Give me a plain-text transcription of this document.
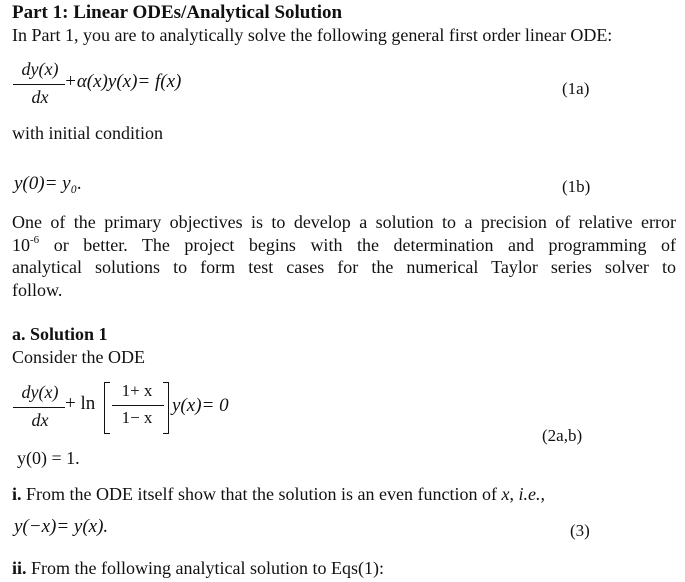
Part 1: Linear ODEs/Analytical Solution
In Part 1, you are to analytically solve the following general first order linear ODE:
dy(x)
dx
+α(x)y(x)= f(x)	(1a)
with initial condition
y(0)= y₀.	(1b)
One of the primary objectives is to develop a solution to a precision of relative error
$10^{-6}$ or better. The project begins with the determination and programming of
analytical solutions to form test cases for the numerical Taylor series solver to
follow.
a. Solution 1
Consider the ODE
dy(x)
dx
+ ln
1+ x
1− x
y(x)= 0
(2a,b)
y(0) = 1.
i. From the ODE itself show that the solution is an even function of x, i.e.,
y(−x)= y(x).	(3)
ii. From the following analytical solution to Eqs(1):
